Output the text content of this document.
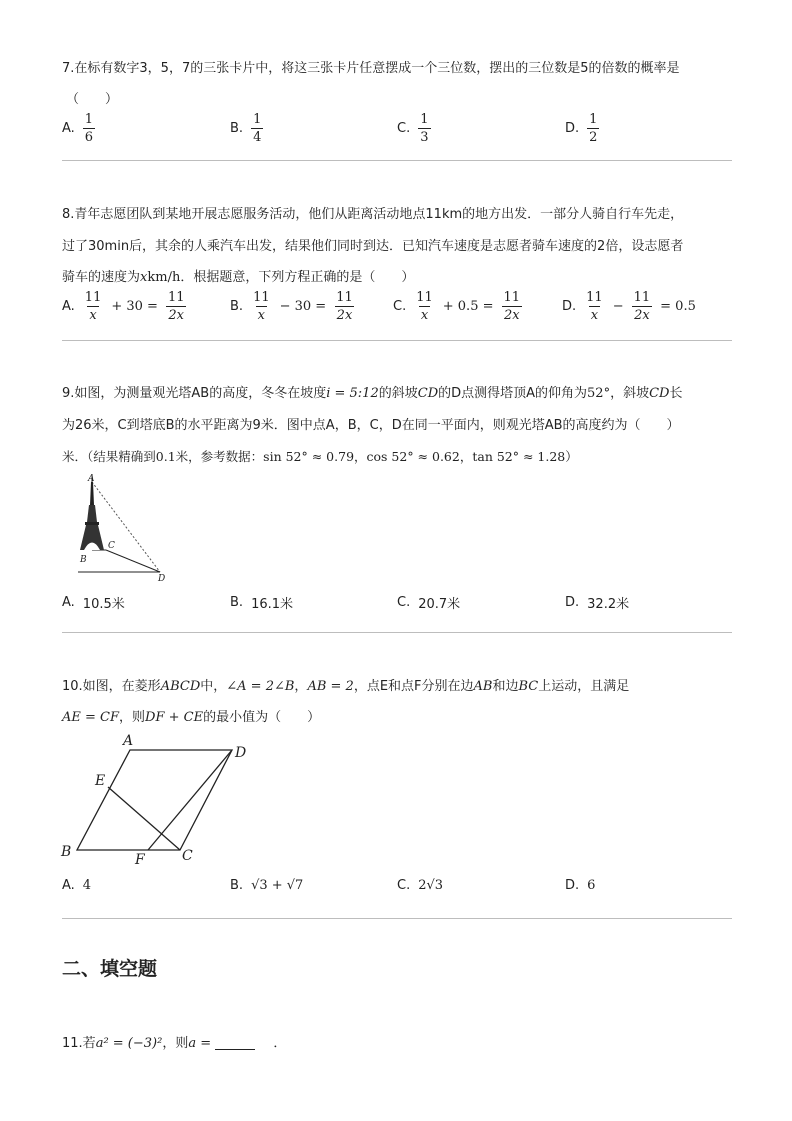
7.在标有数字3，5，7的三张卡片中，将这三张卡片任意摆成一个三位数，摆出的三位数是5的倍数的概率是
（　　）
A. $\frac{1}{6}$	B. $\frac{1}{4}$	C. $\frac{1}{3}$	D. $\frac{1}{2}$
8.青年志愿团队到某地开展志愿服务活动，他们从距离活动地点11km的地方出发．一部分人骑自行车先走，
过了30min后，其余的人乘汽车出发，结果他们同时到达．已知汽车速度是志愿者骑车速度的2倍，设志愿者
骑车的速度为xkm/h．根据题意，下列方程正确的是（　　）
A. $\frac{11}{x} + 30 = \frac{11}{2x}$	B. $\frac{11}{x} - 30 = \frac{11}{2x}$	C. $\frac{11}{x} + 0.5 = \frac{11}{2x}$	D. $\frac{11}{x} - \frac{11}{2x} = 0.5$
9.如图，为测量观光塔AB的高度，冬冬在坡度i = 5:12的斜坡CD的D点测得塔顶A的仰角为52°，斜坡CD长
为26米，C到塔底B的水平距离为9米．图中点A，B，C，D在同一平面内，则观光塔AB的高度约为（　　）
米．（结果精确到0.1米，参考数据：sin 52° ≈ 0.79，cos 52° ≈ 0.62，tan 52° ≈ 1.28）
A
B
C
D
A. 10.5米	B. 16.1米	C. 20.7米	D. 32.2米
10.如图，在菱形ABCD中，∠A = 2∠B，AB = 2，点E和点F分别在边AB和边BC上运动，且满足
AE = CF，则DF + CE的最小值为（　　）
A
D
E
B	F	C
A. 4	B. √3 + √7	C. 2√3	D. 6
二、填空题
11.若a² = (−3)²，则a =	．
